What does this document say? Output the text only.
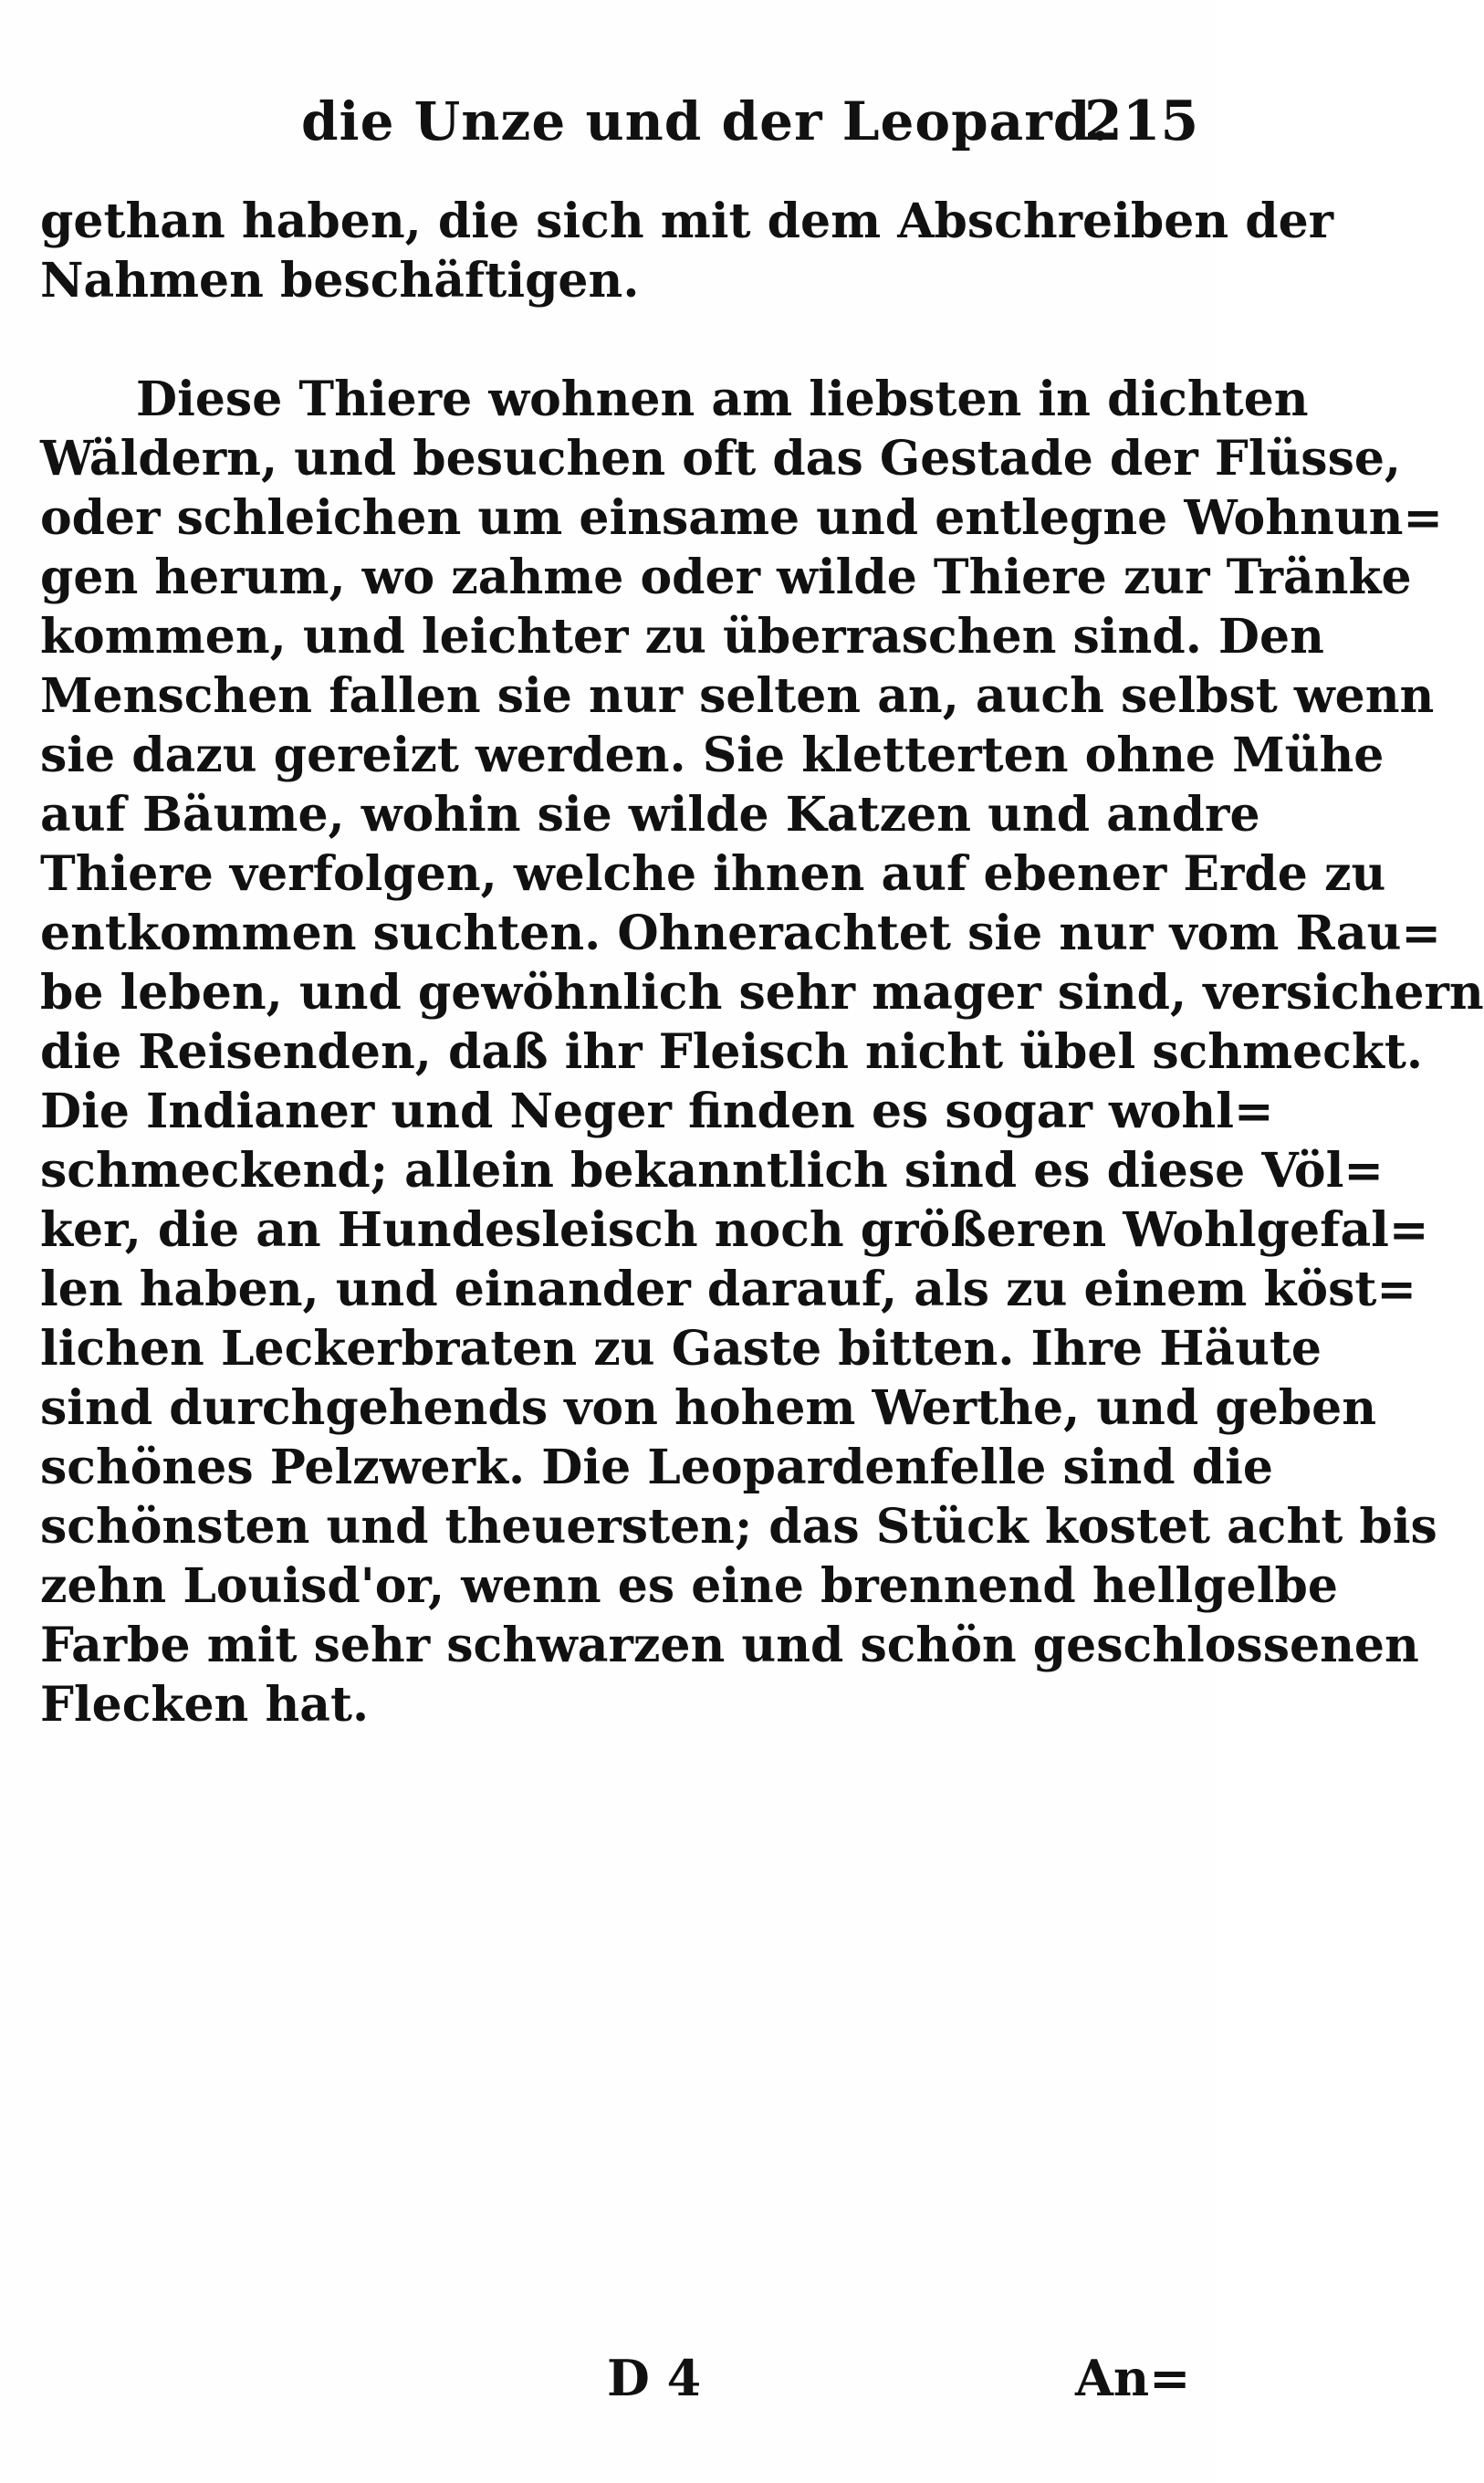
die Unze und der Leopard.
215
gethan haben, die sich mit dem Abschreiben der
Nahmen beschäftigen.
Diese Thiere wohnen am liebsten in dichten
Wäldern, und besuchen oft das Gestade der Flüsse,
oder schleichen um einsame und entlegne Wohnun=
gen herum, wo zahme oder wilde Thiere zur Tränke
kommen, und leichter zu überraschen sind. Den
Menschen fallen sie nur selten an, auch selbst wenn
sie dazu gereizt werden. Sie kletterten ohne Mühe
auf Bäume, wohin sie wilde Katzen und andre
Thiere verfolgen, welche ihnen auf ebener Erde zu
entkommen suchten. Ohnerachtet sie nur vom Rau=
be leben, und gewöhnlich sehr mager sind, versichern
die Reisenden, daß ihr Fleisch nicht übel schmeckt.
Die Indianer und Neger finden es sogar wohl=
schmeckend; allein bekanntlich sind es diese Völ=
ker, die an Hundesleisch noch größeren Wohlgefal=
len haben, und einander darauf, als zu einem köst=
lichen Leckerbraten zu Gaste bitten. Ihre Häute
sind durchgehends von hohem Werthe, und geben
schönes Pelzwerk. Die Leopardenfelle sind die
schönsten und theuersten; das Stück kostet acht bis
zehn Louisd'or, wenn es eine brennend hellgelbe
Farbe mit sehr schwarzen und schön geschlossenen
Flecken hat.
D 4	An=
